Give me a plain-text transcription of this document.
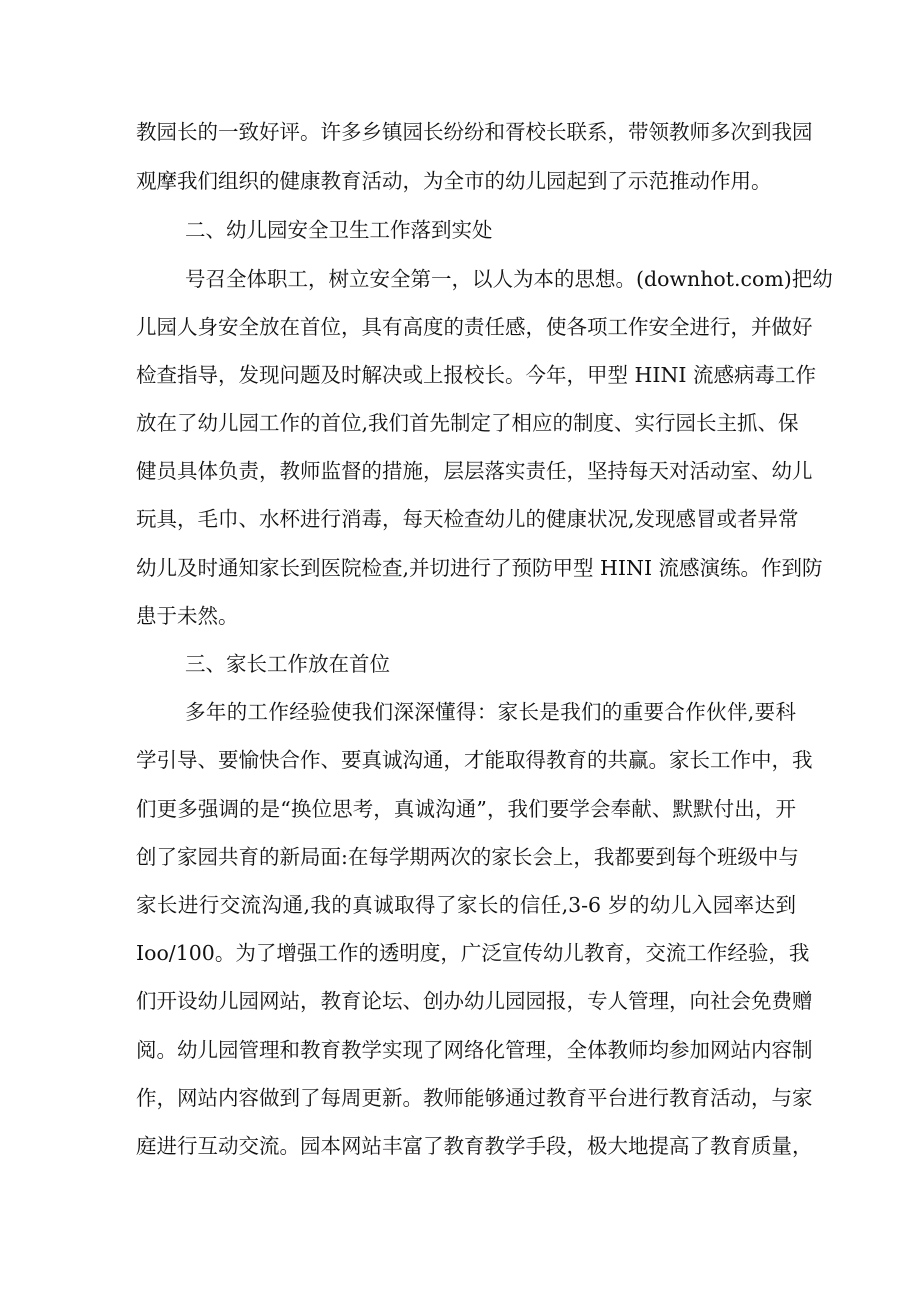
教园长的一致好评。许多乡镇园长纷纷和胥校长联系，带领教师多次到我园

观摩我们组织的健康教育活动，为全市的幼儿园起到了示范推动作用。

二、幼儿园安全卫生工作落到实处

号召全体职工，树立安全第一，以人为本的思想。(downhot.com)把幼

儿园人身安全放在首位，具有高度的责任感，使各项工作安全进行，并做好

检查指导，发现问题及时解决或上报校长。今年，甲型 HINI 流感病毒工作

放在了幼儿园工作的首位,我们首先制定了相应的制度、实行园长主抓、保

健员具体负责，教师监督的措施，层层落实责任，坚持每天对活动室、幼儿

玩具，毛巾、水杯进行消毒，每天检查幼儿的健康状况,发现感冒或者异常

幼儿及时通知家长到医院检查,并切进行了预防甲型 HINI 流感演练。作到防

患于未然。

三、家长工作放在首位

多年的工作经验使我们深深懂得：家长是我们的重要合作伙伴,要科

学引导、要愉快合作、要真诚沟通，才能取得教育的共赢。家长工作中，我

们更多强调的是“换位思考，真诚沟通”，我们要学会奉献、默默付出，开

创了家园共育的新局面:在每学期两次的家长会上，我都要到每个班级中与

家长进行交流沟通,我的真诚取得了家长的信任,3-6 岁的幼儿入园率达到

Ioo/100。为了增强工作的透明度，广泛宣传幼儿教育，交流工作经验，我

们开设幼儿园网站，教育论坛、创办幼儿园园报，专人管理，向社会免费赠

阅。幼儿园管理和教育教学实现了网络化管理，全体教师均参加网站内容制

作，网站内容做到了每周更新。教师能够通过教育平台进行教育活动，与家

庭进行互动交流。园本网站丰富了教育教学手段，极大地提高了教育质量，
